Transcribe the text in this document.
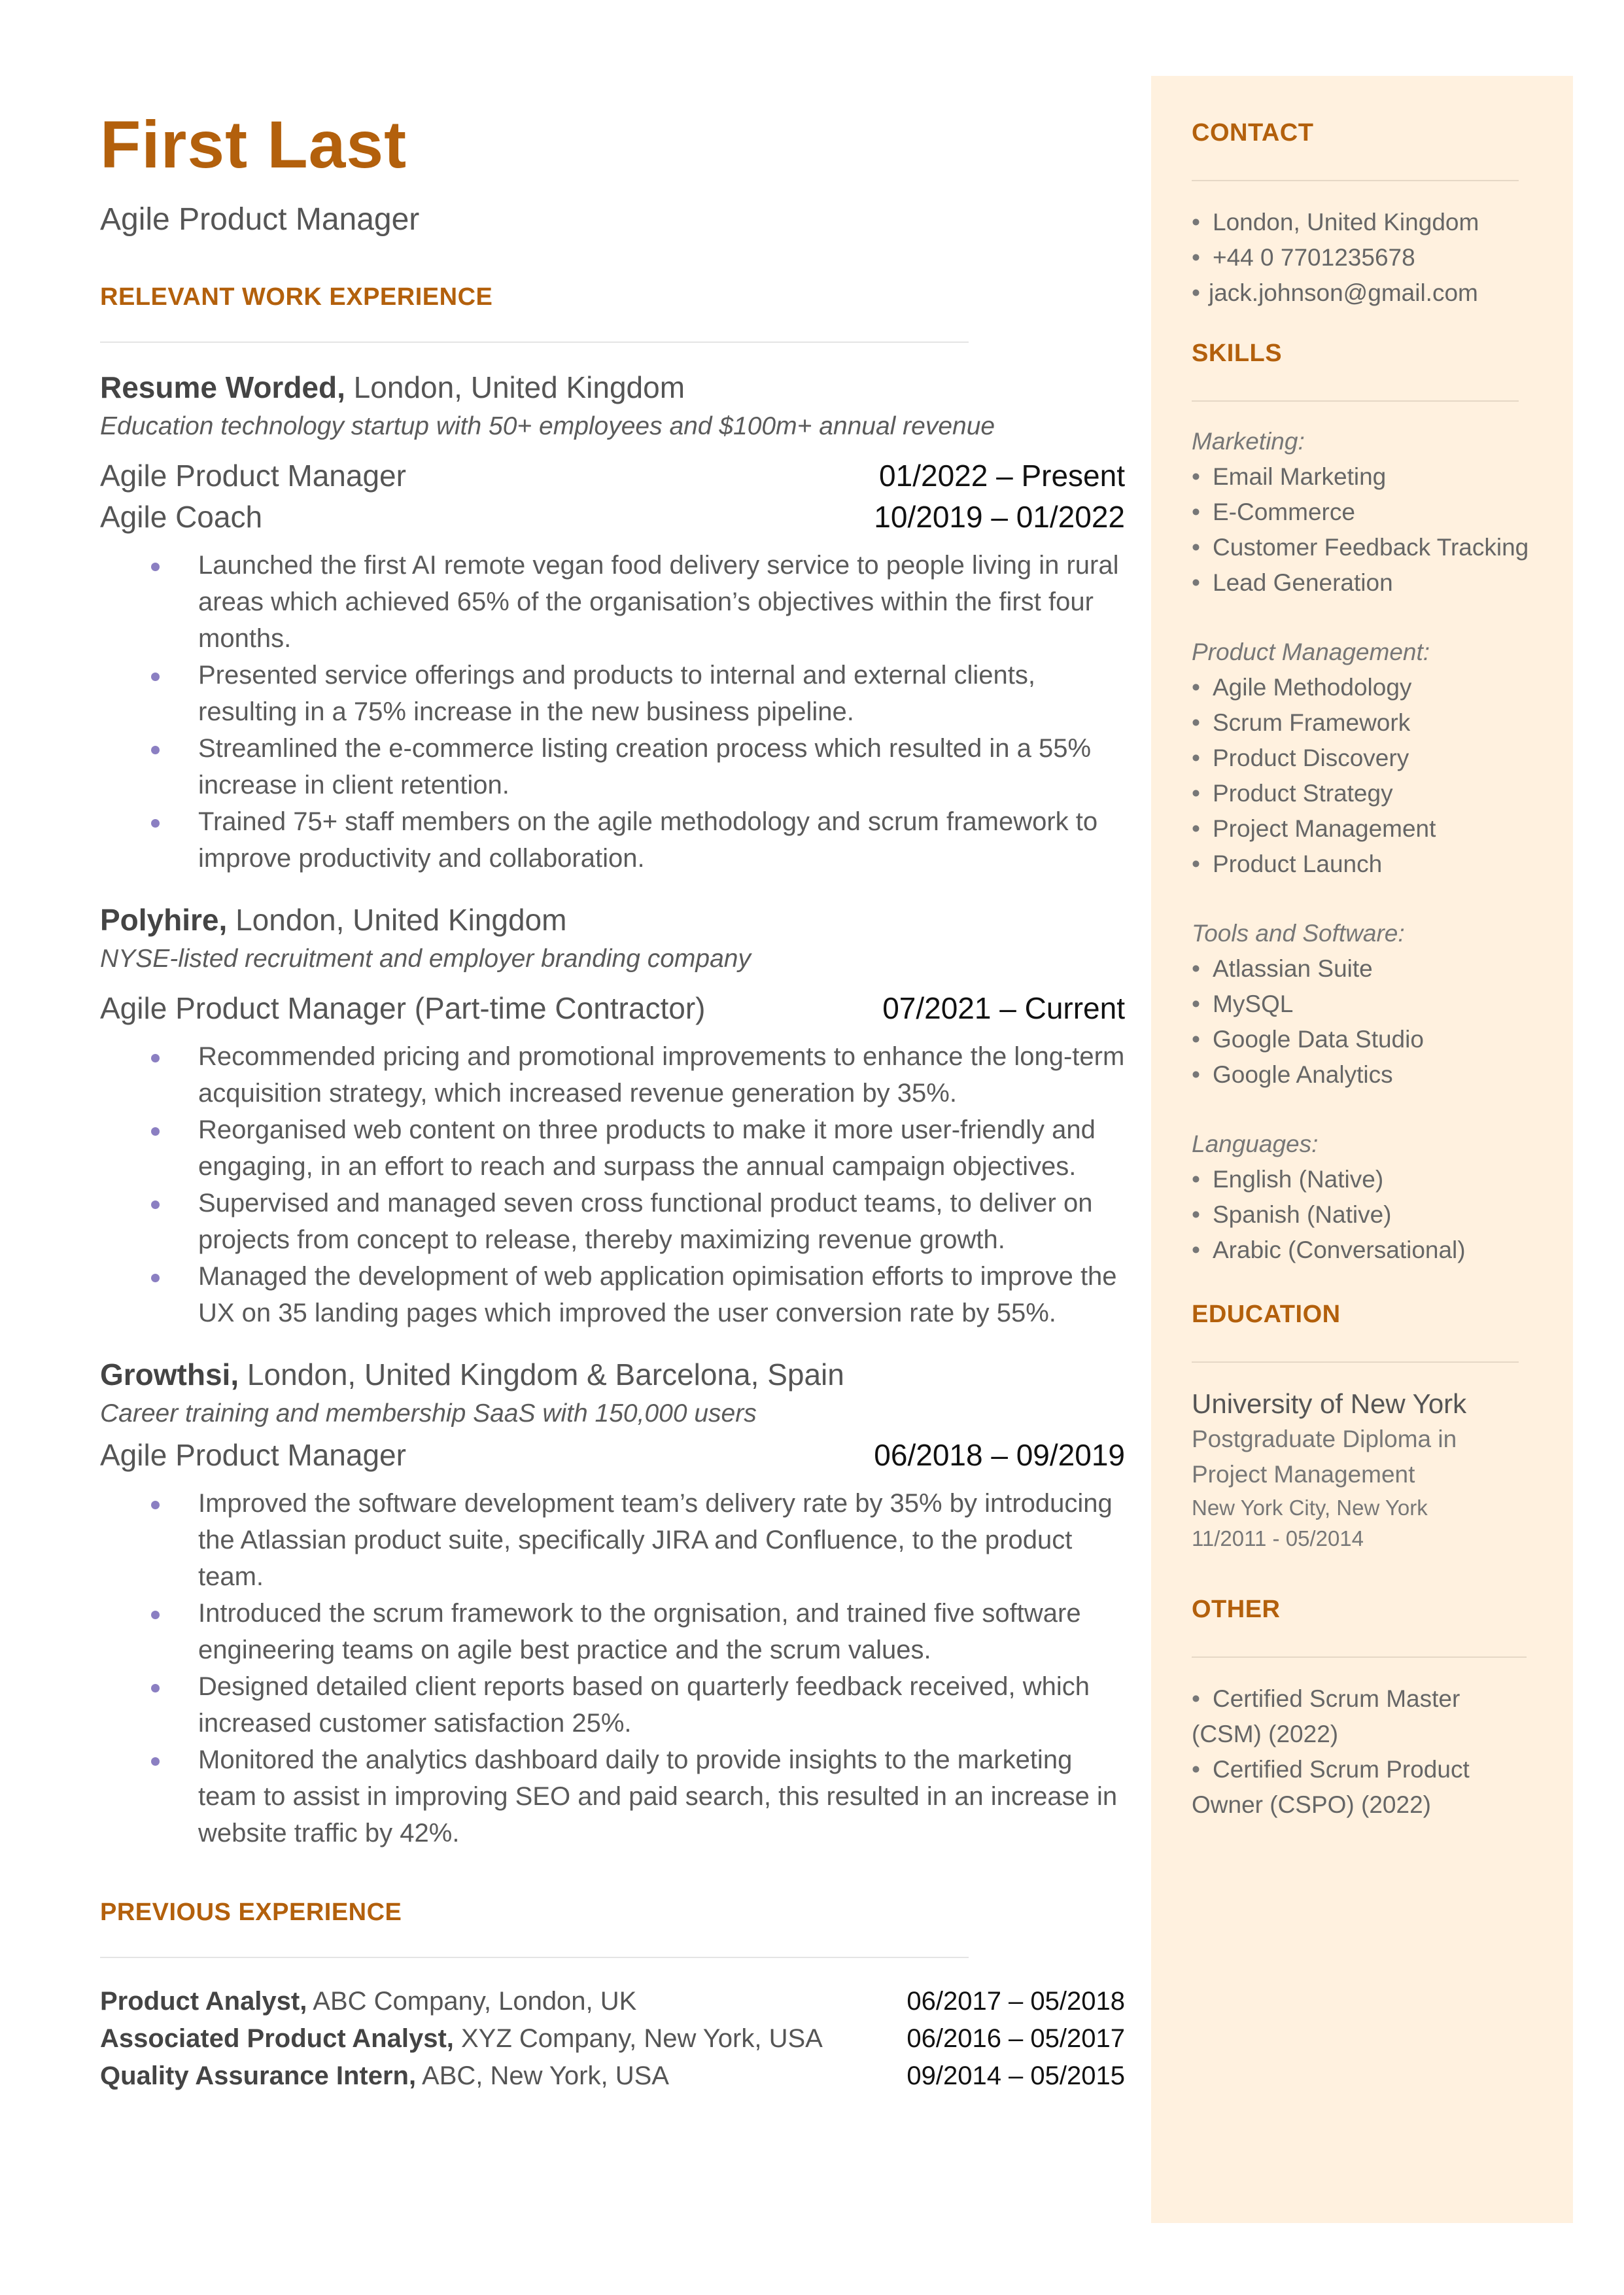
CONTACT
• London, United Kingdom
• +44 0 7701235678
• jack.johnson@gmail.com
SKILLS
Marketing:
• Email Marketing
• E-Commerce
• Customer Feedback Tracking
• Lead Generation
Product Management:
• Agile Methodology
• Scrum Framework
• Product Discovery
• Product Strategy
• Project Management
• Product Launch
Tools and Software:
• Atlassian Suite
• MySQL
• Google Data Studio
• Google Analytics
Languages:
• English (Native)
• Spanish (Native)
• Arabic (Conversational)
EDUCATION
University of New York
Postgraduate Diploma in
Project Management
New York City, New York
11/2011 - 05/2014
OTHER
• Certified Scrum Master
(CSM) (2022)
• Certified Scrum Product
Owner (CSPO) (2022)
First Last
Agile Product Manager
RELEVANT WORK EXPERIENCE
Resume Worded, London, United Kingdom
Education technology startup with 50+ employees and $100m+ annual revenue
Agile Product Manager	01/2022 – Present
Agile Coach	10/2019 – 01/2022
Launched the first AI remote vegan food delivery service to people living in rural areas which achieved 65% of the organisation’s objectives within the first four months.
Presented service offerings and products to internal and external clients, resulting in a 75% increase in the new business pipeline.
Streamlined the e-commerce listing creation process which resulted in a 55% increase in client retention.
Trained 75+ staff members on the agile methodology and scrum framework to improve productivity and collaboration.
Polyhire, London, United Kingdom
NYSE-listed recruitment and employer branding company
Agile Product Manager (Part-time Contractor)	07/2021 – Current
Recommended pricing and promotional improvements to enhance the long-term acquisition strategy, which increased revenue generation by 35%.
Reorganised web content on three products to make it more user-friendly and engaging, in an effort to reach and surpass the annual campaign objectives.
Supervised and managed seven cross functional product teams, to deliver on projects from concept to release, thereby maximizing revenue growth.
Managed the development of web application opimisation efforts to improve the UX on 35 landing pages which improved the user conversion rate by 55%.
Growthsi, London, United Kingdom & Barcelona, Spain
Career training and membership SaaS with 150,000 users
Agile Product Manager	06/2018 – 09/2019
Improved the software development team’s delivery rate by 35% by introducing the Atlassian product suite, specifically JIRA and Confluence, to the product team.
Introduced the scrum framework to the orgnisation, and trained five software engineering teams on agile best practice and the scrum values.
Designed detailed client reports based on quarterly feedback received, which increased customer satisfaction 25%.
Monitored the analytics dashboard daily to provide insights to the marketing team to assist in improving SEO and paid search, this resulted in an increase in website traffic by 42%.
PREVIOUS EXPERIENCE
Product Analyst, ABC Company, London, UK	06/2017 – 05/2018
Associated Product Analyst, XYZ Company, New York, USA	06/2016 – 05/2017
Quality Assurance Intern, ABC, New York, USA	09/2014 – 05/2015
